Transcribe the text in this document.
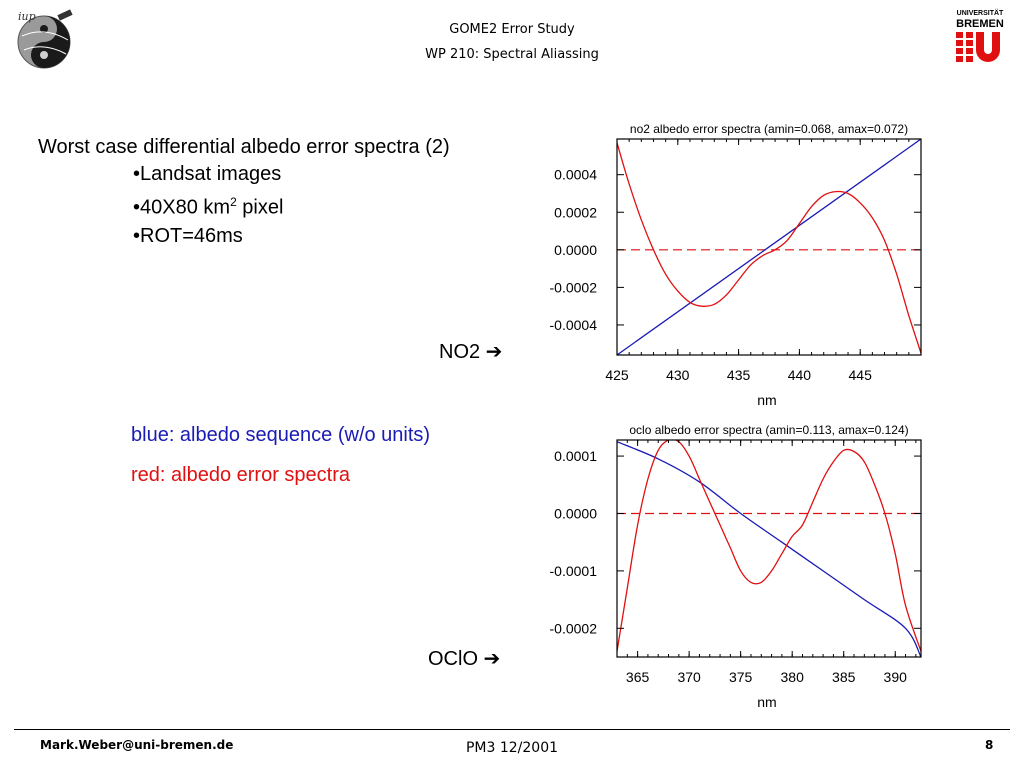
iup	UNIVERSITÄT
BREMEN
GOME2 Error Study
WP 210: Spectral Aliassing
Worst case differential albedo error spectra (2)
•Landsat images
•40X80 $km^2$ pixel
•ROT=46ms
blue: albedo sequence (w/o units)
red: albedo error spectra
NO2 ➔
OClO ➔
no2 albedo error spectra (amin=0.068, amax=0.072)
425	430	435	440	445
0.0004
0.0002
0.0000
-0.0002
-0.0004
nm
oclo albedo error spectra (amin=0.113, amax=0.124)
365 370 375 380 385 390
0.0001
0.0000
-0.0001
-0.0002
nm
Mark.Weber@uni-bremen.de	PM3 12/2001	8
